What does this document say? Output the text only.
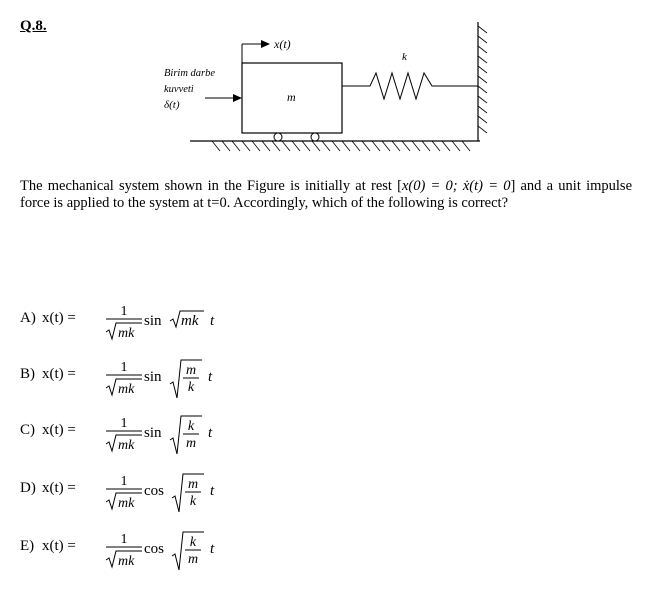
Q.8.
x(t)
k
m
Birim darbe
kuvveti
δ(t)
The mechanical system shown in the Figure is initially at rest [x(0) = 0; ẋ(t) = 0] and a unit impulse force is applied to the system at t=0. Accordingly, which of the following is correct?
A) x(t) =	1
mk
sin mk t
B) x(t) =	1
mk
sin m
k
t
C) x(t) =	1
mk
sin k
m
t
D) x(t) =	1
mk
cos m
k
t
E) x(t) =	1
mk
cos k
m
t
